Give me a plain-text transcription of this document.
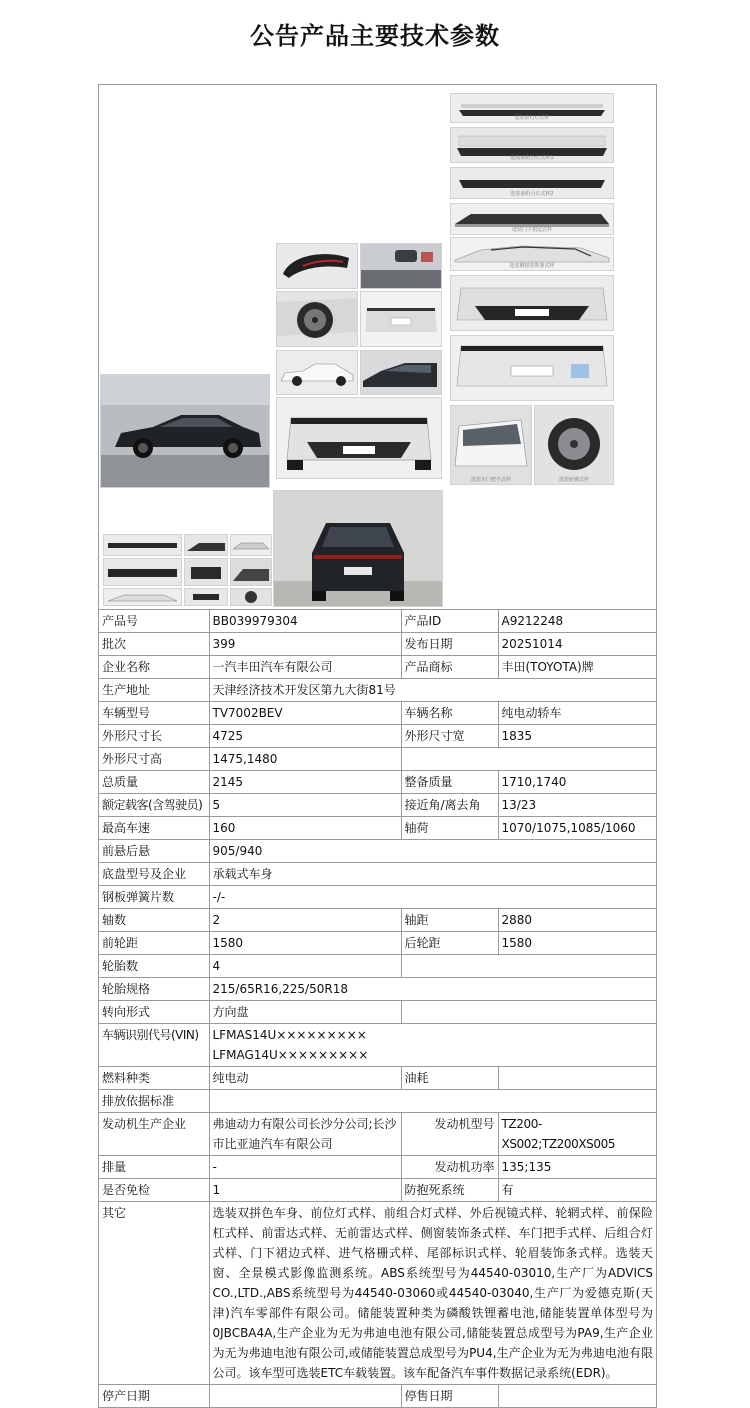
公告产品主要技术参数
选装前灯灯式样
选装前组合灯式样1
选装前组合灯式样2
选装门下裙边式样
选装侧窗装饰条式样
选装车门把手式样	选装轮辋式样
产品号	BB039979304	产品ID	A9212248
批次	399	发布日期	20251014
企业名称	一汽丰田汽车有限公司	产品商标	丰田(TOYOTA)牌
生产地址	天津经济技术开发区第九大街81号		
车辆型号	TV7002BEV	车辆名称	纯电动轿车
外形尺寸长	4725	外形尺寸宽	1835
外形尺寸高	1475,1480		
总质量	2145	整备质量	1710,1740
额定载客(含驾驶员)	5	接近角/离去角	13/23
最高车速	160	轴荷	1070/1075,1085/1060
前悬后悬	905/940		
底盘型号及企业	承载式车身		
钢板弹簧片数	-/-		
轴数	2	轴距	2880
前轮距	1580	后轮距	1580
轮胎数	4		
轮胎规格	215/65R16,225/50R18		
转向形式	方向盘		
车辆识别代号(VIN)	LFMAS14U×××××××××
LFMAG14U×××××××××		

燃料种类	纯电动	油耗	
排放依据标准			
发动机生产企业	弗迪动力有限公司长沙分公司;长沙市比亚迪汽车有限公司	发动机型号	TZ200-XS002;TZ200XS005
排量	-	发动机功率	135;135
是否免检	1	防抱死系统	有
其它	选装双拼色车身、前位灯式样、前组合灯式样、外后视镜式样、轮辋式样、前保险杠式样、前雷达式样、无前雷达式样、侧窗装饰条式样、车门把手式样、后组合灯式样、门下裙边式样、进气格栅式样、尾部标识式样、轮眉装饰条式样。选装天窗、全景模式影像监测系统。ABS系统型号为44540-03010,生产厂为ADVICS CO.,LTD.,ABS系统型号为44540-03060或44540-03040,生产厂为爱德克斯(天津)汽车零部件有限公司。储能装置种类为磷酸铁锂蓄电池,储能装置单体型号为0JBCBA4A,生产企业为无为弗迪电池有限公司,储能装置总成型号为PA9,生产企业为无为弗迪电池有限公司,或储能装置总成型号为PU4,生产企业为无为弗迪电池有限公司。该车型可选装ETC车载装置。该车配备汽车事件数据记录系统(EDR)。		
停产日期		停售日期	
